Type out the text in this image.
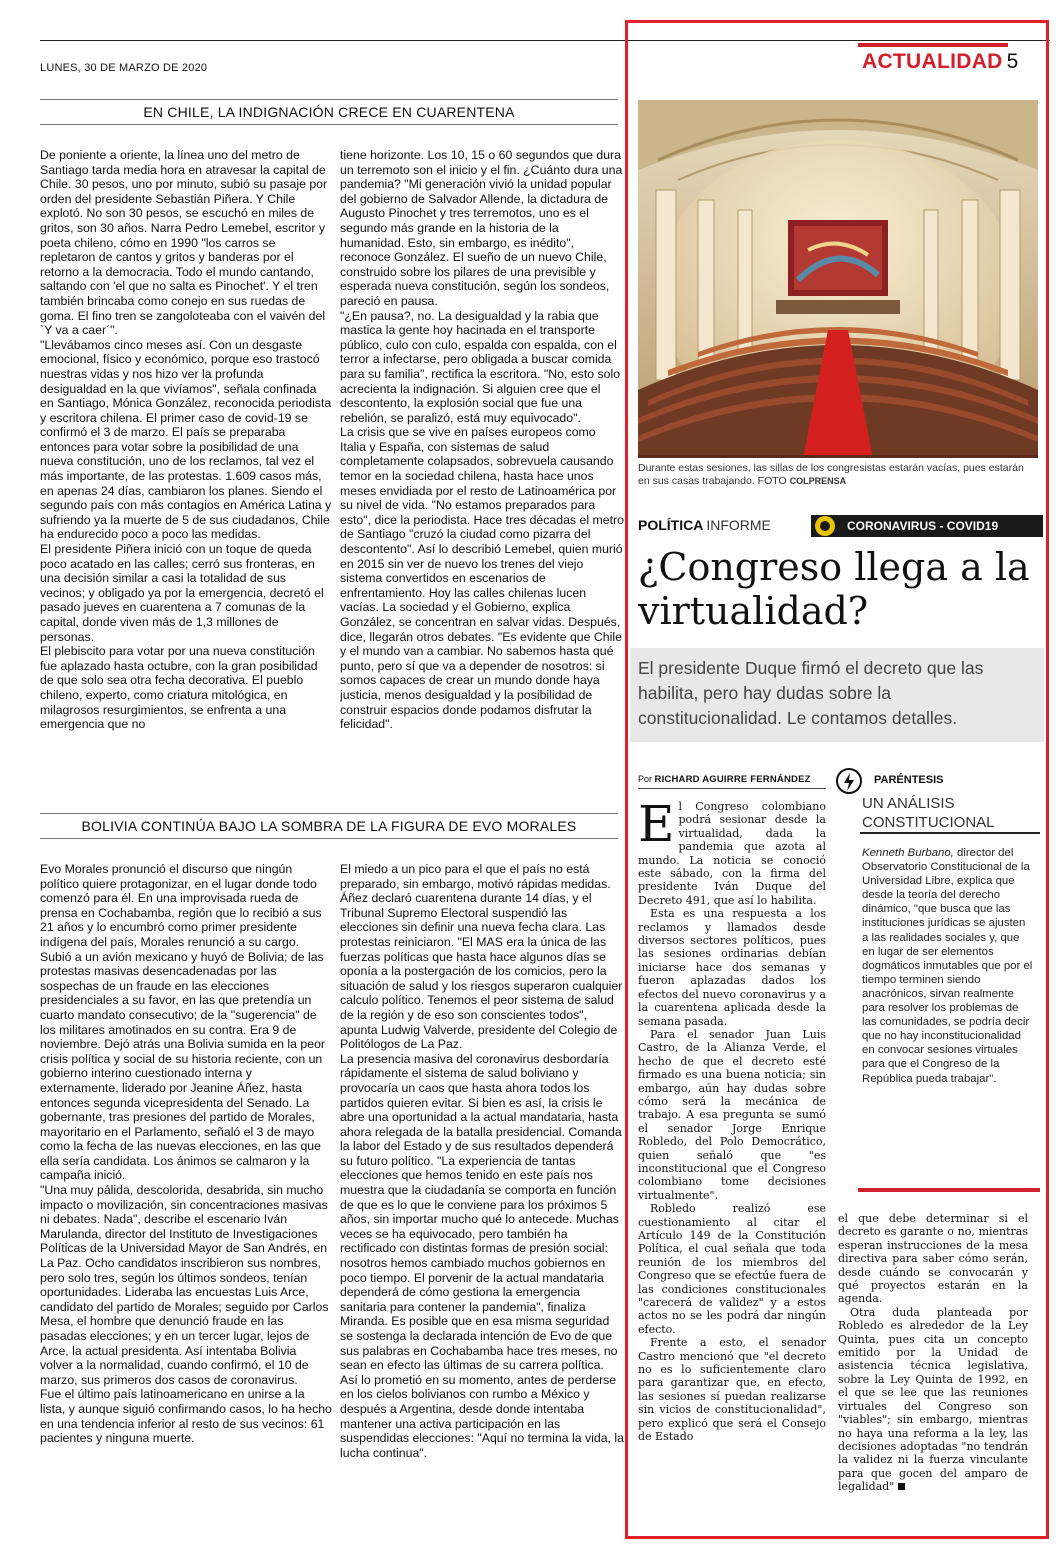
LUNES, 30 DE MARZO DE 2020	ACTUALIDAD 5
EN CHILE, LA INDIGNACIÓN CRECE EN CUARENTENA

De poniente a oriente, la línea uno del metro de Santiago tarda media hora en atravesar la capital de Chile. 30 pesos, uno por minuto, subió su pasaje por orden del presidente Sebastián Piñera. Y Chile explotó. No son 30 pesos, se escuchó en miles de gritos, son 30 años. Narra Pedro Lemebel, escritor y poeta chileno, cómo en 1990 "los carros se repletaron de cantos y gritos y banderas por el retorno a la democracia. Todo el mundo cantando, saltando con 'el que no salta es Pinochet'. Y el tren también brincaba como conejo en sus ruedas de goma. El fino tren se zangoloteaba con el vaivén del `Y va a caer´".

"Llevábamos cinco meses así. Con un desgaste emocional, físico y económico, porque eso trastocó nuestras vidas y nos hizo ver la profunda desigualdad en la que vivíamos", señala confinada en Santiago, Mónica González, reconocida periodista y escritora chilena. El primer caso de covid-19 se confirmó el 3 de marzo. El país se preparaba entonces para votar sobre la posibilidad de una nueva constitución, uno de los reclamos, tal vez el más importante, de las protestas. 1.609 casos más, en apenas 24 días, cambiaron los planes. Siendo el segundo país con más contagios en América Latina y sufriendo ya la muerte de 5 de sus ciudadanos, Chile ha endurecido poco a poco las medidas.

El presidente Piñera inició con un toque de queda poco acatado en las calles; cerró sus fronteras, en una decisión similar a casi la totalidad de sus vecinos; y obligado ya por la emergencia, decretó el pasado jueves en cuarentena a 7 comunas de la capital, donde viven más de 1,3 millones de personas.

El plebiscito para votar por una nueva constitución fue aplazado hasta octubre, con la gran posibilidad de que solo sea otra fecha decorativa. El pueblo chileno, experto, como criatura mitológica, en milagrosos resurgimientos, se enfrenta a una emergencia que no

tiene horizonte. Los 10, 15 o 60 segundos que dura un terremoto son el inicio y el fin. ¿Cuánto dura una pandemia? "Mi generación vivió la unidad popular del gobierno de Salvador Allende, la dictadura de Augusto Pinochet y tres terremotos, uno es el segundo más grande en la historia de la humanidad. Esto, sin embargo, es inédito", reconoce González. El sueño de un nuevo Chile, construido sobre los pilares de una previsible y esperada nueva constitución, según los sondeos, pareció en pausa.

"¿En pausa?, no. La desigualdad y la rabia que mastica la gente hoy hacinada en el transporte público, culo con culo, espalda con espalda, con el terror a infectarse, pero obligada a buscar comida para su familia", rectifica la escritora. "No, esto solo acrecienta la indignación. Si alguien cree que el descontento, la explosión social que fue una rebelión, se paralizó, está muy equivocado".

La crisis que se vive en países europeos como Italia y España, con sistemas de salud completamente colapsados, sobrevuela causando temor en la sociedad chilena, hasta hace unos meses envidiada por el resto de Latinoamérica por su nivel de vida. "No estamos preparados para esto", dice la periodista. Hace tres décadas el metro de Santiago "cruzó la ciudad como pizarra del descontento". Así lo describió Lemebel, quien murió en 2015 sin ver de nuevo los trenes del viejo sistema convertidos en escenarios de enfrentamiento. Hoy las calles chilenas lucen vacías. La sociedad y el Gobierno, explica González, se concentran en salvar vidas. Después, dice, llegarán otros debates. "Es evidente que Chile y el mundo van a cambiar. No sabemos hasta qué punto, pero sí que va a depender de nosotros: si somos capaces de crear un mundo donde haya justicia, menos desigualdad y la posibilidad de construir espacios donde podamos disfrutar la felicidad".

BOLIVIA CONTINÚA BAJO LA SOMBRA DE LA FIGURA DE EVO MORALES

Evo Morales pronunció el discurso que ningún político quiere protagonizar, en el lugar donde todo comenzó para él. En una improvisada rueda de prensa en Cochabamba, región que lo recibió a sus 21 años y lo encumbró como primer presidente indígena del país, Morales renunció a su cargo. Subió a un avión mexicano y huyó de Bolivia; de las protestas masivas desencadenadas por las sospechas de un fraude en las elecciones presidenciales a su favor, en las que pretendía un cuarto mandato consecutivo; de la "sugerencia" de los militares amotinados en su contra. Era 9 de noviembre. Dejó atrás una Bolivia sumida en la peor crisis política y social de su historia reciente, con un gobierno interino cuestionado interna y externamente, liderado por Jeanine Áñez, hasta entonces segunda vicepresidenta del Senado. La gobernante, tras presiones del partido de Morales, mayoritario en el Parlamento, señaló el 3 de mayo como la fecha de las nuevas elecciones, en las que ella sería candidata. Los ánimos se calmaron y la campaña inició.

"Una muy pálida, descolorida, desabrida, sin mucho impacto o movilización, sin concentraciones masivas ni debates. Nada", describe el escenario Iván Marulanda, director del Instituto de Investigaciones Políticas de la Universidad Mayor de San Andrés, en La Paz. Ocho candidatos inscribieron sus nombres, pero solo tres, según los últimos sondeos, tenían oportunidades. Lideraba las encuestas Luis Arce, candidato del partido de Morales; seguido por Carlos Mesa, el hombre que denunció fraude en las pasadas elecciones; y en un tercer lugar, lejos de Arce, la actual presidenta. Así intentaba Bolivia volver a la normalidad, cuando confirmó, el 10 de marzo, sus primeros dos casos de coronavirus.

Fue el último país latinoamericano en unirse a la lista, y aunque siguió confirmando casos, lo ha hecho en una tendencia inferior al resto de sus vecinos: 61 pacientes y ninguna muerte.

El miedo a un pico para el que el país no está preparado, sin embargo, motivó rápidas medidas. Áñez declaró cuarentena durante 14 días, y el Tribunal Supremo Electoral suspendió las elecciones sin definir una nueva fecha clara. Las protestas reiniciaron. "El MAS era la única de las fuerzas políticas que hasta hace algunos días se oponía a la postergación de los comicios, pero la situación de salud y los riesgos superaron cualquier calculo político. Tenemos el peor sistema de salud de la región y de eso son conscientes todos", apunta Ludwig Valverde, presidente del Colegio de Politólogos de La Paz.

La presencia masiva del coronavirus desbordaría rápidamente el sistema de salud boliviano y provocaría un caos que hasta ahora todos los partidos quieren evitar. Si bien es así, la crisis le abre una oportunidad a la actual mandataria, hasta ahora relegada de la batalla presidencial. Comanda la labor del Estado y de sus resultados dependerá su futuro político. "La experiencia de tantas elecciones que hemos tenido en este país nos muestra que la ciudadanía se comporta en función de que es lo que le conviene para los próximos 5 años, sin importar mucho qué lo antecede. Muchas veces se ha equivocado, pero también ha rectificado con distintas formas de presión social: nosotros hemos cambiado muchos gobiernos en poco tiempo. El porvenir de la actual mandataria dependerá de cómo gestiona la emergencia sanitaria para contener la pandemia", finaliza Miranda. Es posible que en esa misma seguridad se sostenga la declarada intención de Evo de que sus palabras en Cochabamba hace tres meses, no sean en efecto las últimas de su carrera política. Así lo prometió en su momento, antes de perderse en los cielos bolivianos con rumbo a México y después a Argentina, desde donde intentaba mantener una activa participación en las suspendidas elecciones: "Aquí no termina la vida, la lucha continua".

Durante estas sesiones, las sillas de los congresistas estarán vacías, pues estarán en sus casas trabajando. FOTO COLPRENSA
POLÍTICA INFORME	CORONAVIRUS - COVID19
¿Congreso llega a la virtualidad?
El presidente Duque firmó el decreto que las habilita, pero hay dudas sobre la constitucionalidad. Le contamos detalles.
Por RICHARD AGUIRRE FERNÁNDEZ

El Congreso colombiano podrá sesionar desde la virtualidad, dada la pandemia que azota al mundo. La noticia se conoció este sábado, con la firma del presidente Iván Duque del Decreto 491, que así lo habilita.

Esta es una respuesta a los reclamos y llamados desde diversos sectores políticos, pues las sesiones ordinarias debían iniciarse hace dos semanas y fueron aplazadas dados los efectos del nuevo coronavirus y a la cuarentena aplicada desde la semana pasada.

Para el senador Juan Luis Castro, de la Alianza Verde, el hecho de que el decreto esté firmado es una buena noticia; sin embargo, aún hay dudas sobre cómo será la mecánica de trabajo. A esa pregunta se sumó el senador Jorge Enrique Robledo, del Polo Democrático, quien señaló que "es inconstitucional que el Congreso colombiano tome decisiones virtualmente".

Robledo realizó ese cuestionamiento al citar el Artículo 149 de la Constitución Política, el cual señala que toda reunión de los miembros del Congreso que se efectúe fuera de las condiciones constitucionales "carecerá de validez" y a estos actos no se les podrá dar ningún efecto.

Frente a esto, el senador Castro mencionó que "el decreto no es lo suficientemente claro para garantizar que, en efecto, las sesiones sí puedan realizarse sin vicios de constitucionalidad", pero explicó que será el Consejo de Estado

PARÉNTESIS
UN ANÁLISIS CONSTITUCIONAL
Kenneth Burbano, director del Observatorio Constitucional de la Universidad Libre, explica que desde la teoría del derecho dinámico, "que busca que las instituciones jurídicas se ajusten a las realidades sociales y, que en lugar de ser elementos dogmáticos inmutables que por el tiempo terminen siendo anacrónicos, sirvan realmente para resolver los problemas de las comunidades, se podría decir que no hay inconstitucionalidad en convocar sesiones virtuales para que el Congreso de la República pueda trabajar".

el que debe determinar si el decreto es garante o no, mientras esperan instrucciones de la mesa directiva para saber cómo serán, desde cuándo se convocarán y qué proyectos estarán en la agenda.

Otra duda planteada por Robledo es alrededor de la Ley Quinta, pues cita un concepto emitido por la Unidad de asistencia técnica legislativa, sobre la Ley Quinta de 1992, en el que se lee que las reuniones virtuales del Congreso son "viables"; sin embargo, mientras no haya una reforma a la ley, las decisiones adoptadas "no tendrán la validez ni la fuerza vinculante para que gocen del amparo de legalidad"
